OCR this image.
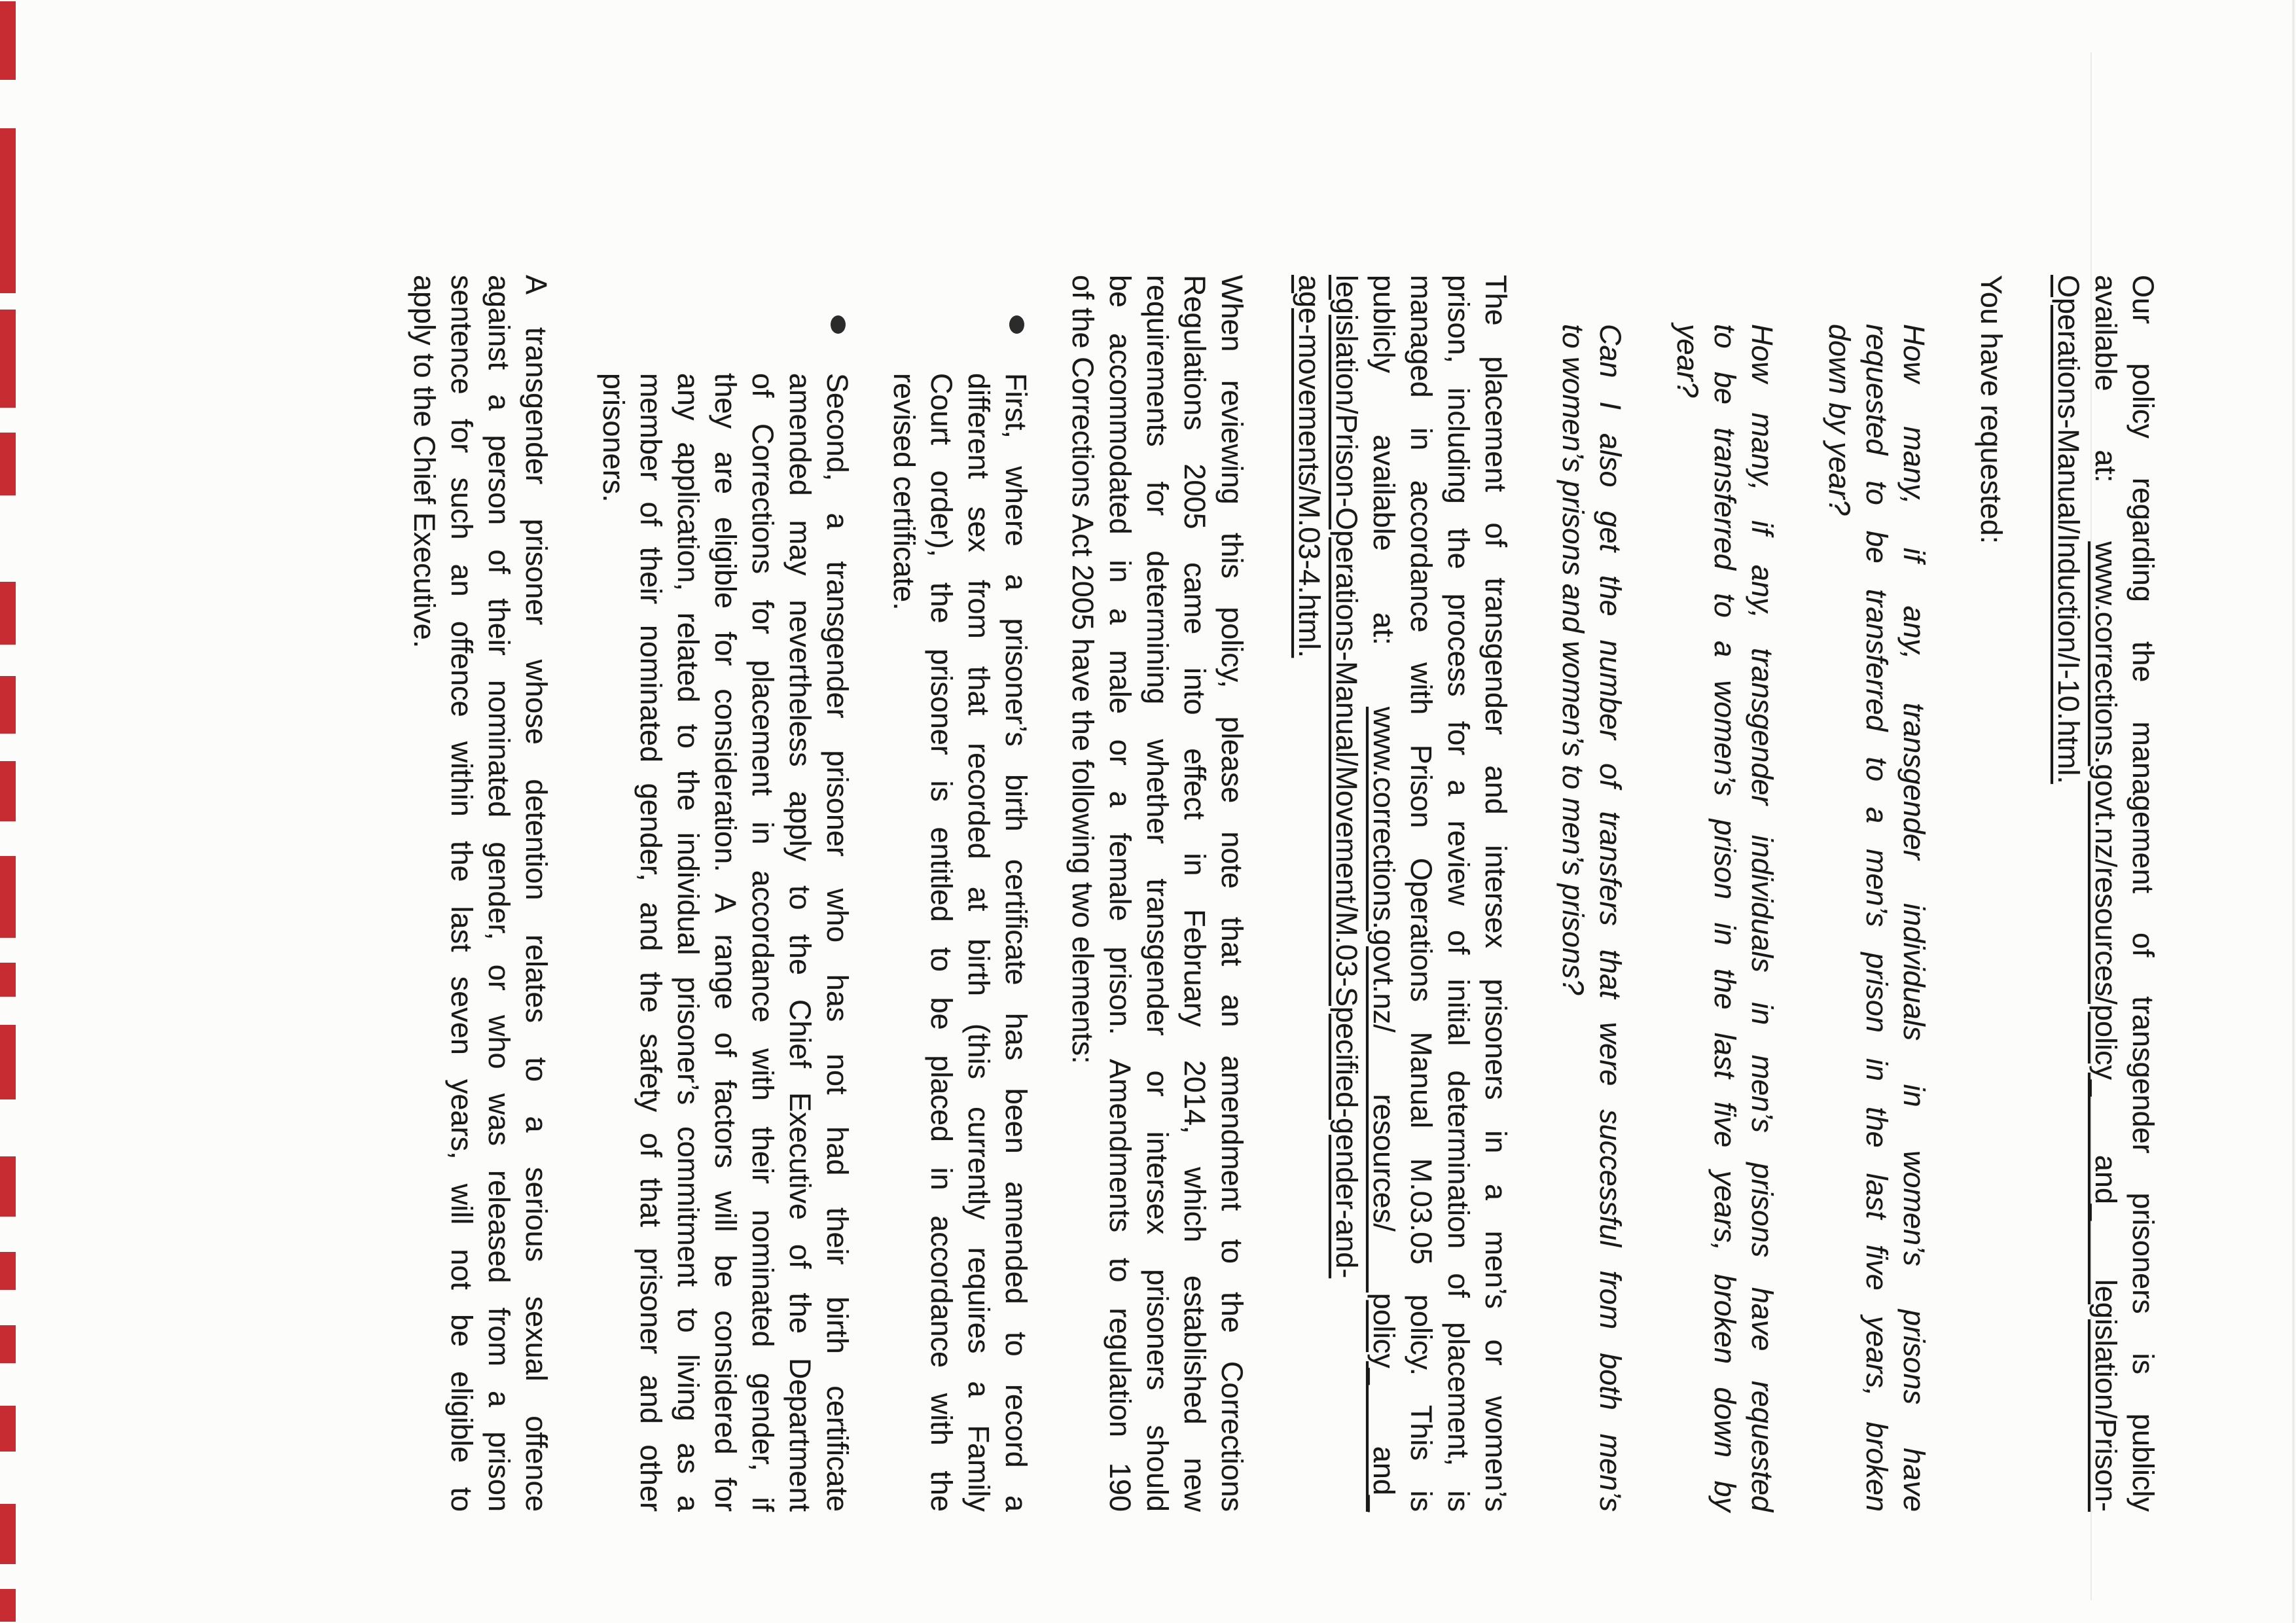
Our policy regarding the management of transgender prisoners is publicly
available at: www.corrections.govt.nz/resources/policy_ and_ legislation/Prison-
Operations-Manual/Induction/I-10.html.
You have requested:
How many, if any, transgender individuals in women’s prisons have
requested to be transferred to a men’s prison in the last five years, broken
down by year?
How many, if any, transgender individuals in men’s prisons have requested
to be transferred to a women’s prison in the last five years, broken down by
year?
Can I also get the number of transfers that were successful from both men’s
to women’s prisons and women’s to men’s prisons?
The placement of transgender and intersex prisoners in a men’s or women’s
prison, including the process for a review of initial determination of placement, is
managed in accordance with Prison Operations Manual M.03.05 policy. This is
publicly available at: www.corrections.govt.nz/ resources/ policy_ and_
legislation/Prison-Operations-Manual/Movement/M.03-Specified-gender-and-
age-movements/M.03-4.html.
When reviewing this policy, please note that an amendment to the Corrections
Regulations 2005 came into effect in February 2014, which established new
requirements for determining whether transgender or intersex prisoners should
be accommodated in a male or a female prison. Amendments to regulation 190
of the Corrections Act 2005 have the following two elements:
First, where a prisoner’s birth certificate has been amended to record a
different sex from that recorded at birth (this currently requires a Family
Court order), the prisoner is entitled to be placed in accordance with the
revised certificate.
Second, a transgender prisoner who has not had their birth certificate
amended may nevertheless apply to the Chief Executive of the Department
of Corrections for placement in accordance with their nominated gender, if
they are eligible for consideration. A range of factors will be considered for
any application, related to the individual prisoner’s commitment to living as a
member of their nominated gender, and the safety of that prisoner and other
prisoners.
A transgender prisoner whose detention relates to a serious sexual offence
against a person of their nominated gender, or who was released from a prison
sentence for such an offence within the last seven years, will not be eligible to
apply to the Chief Executive.
